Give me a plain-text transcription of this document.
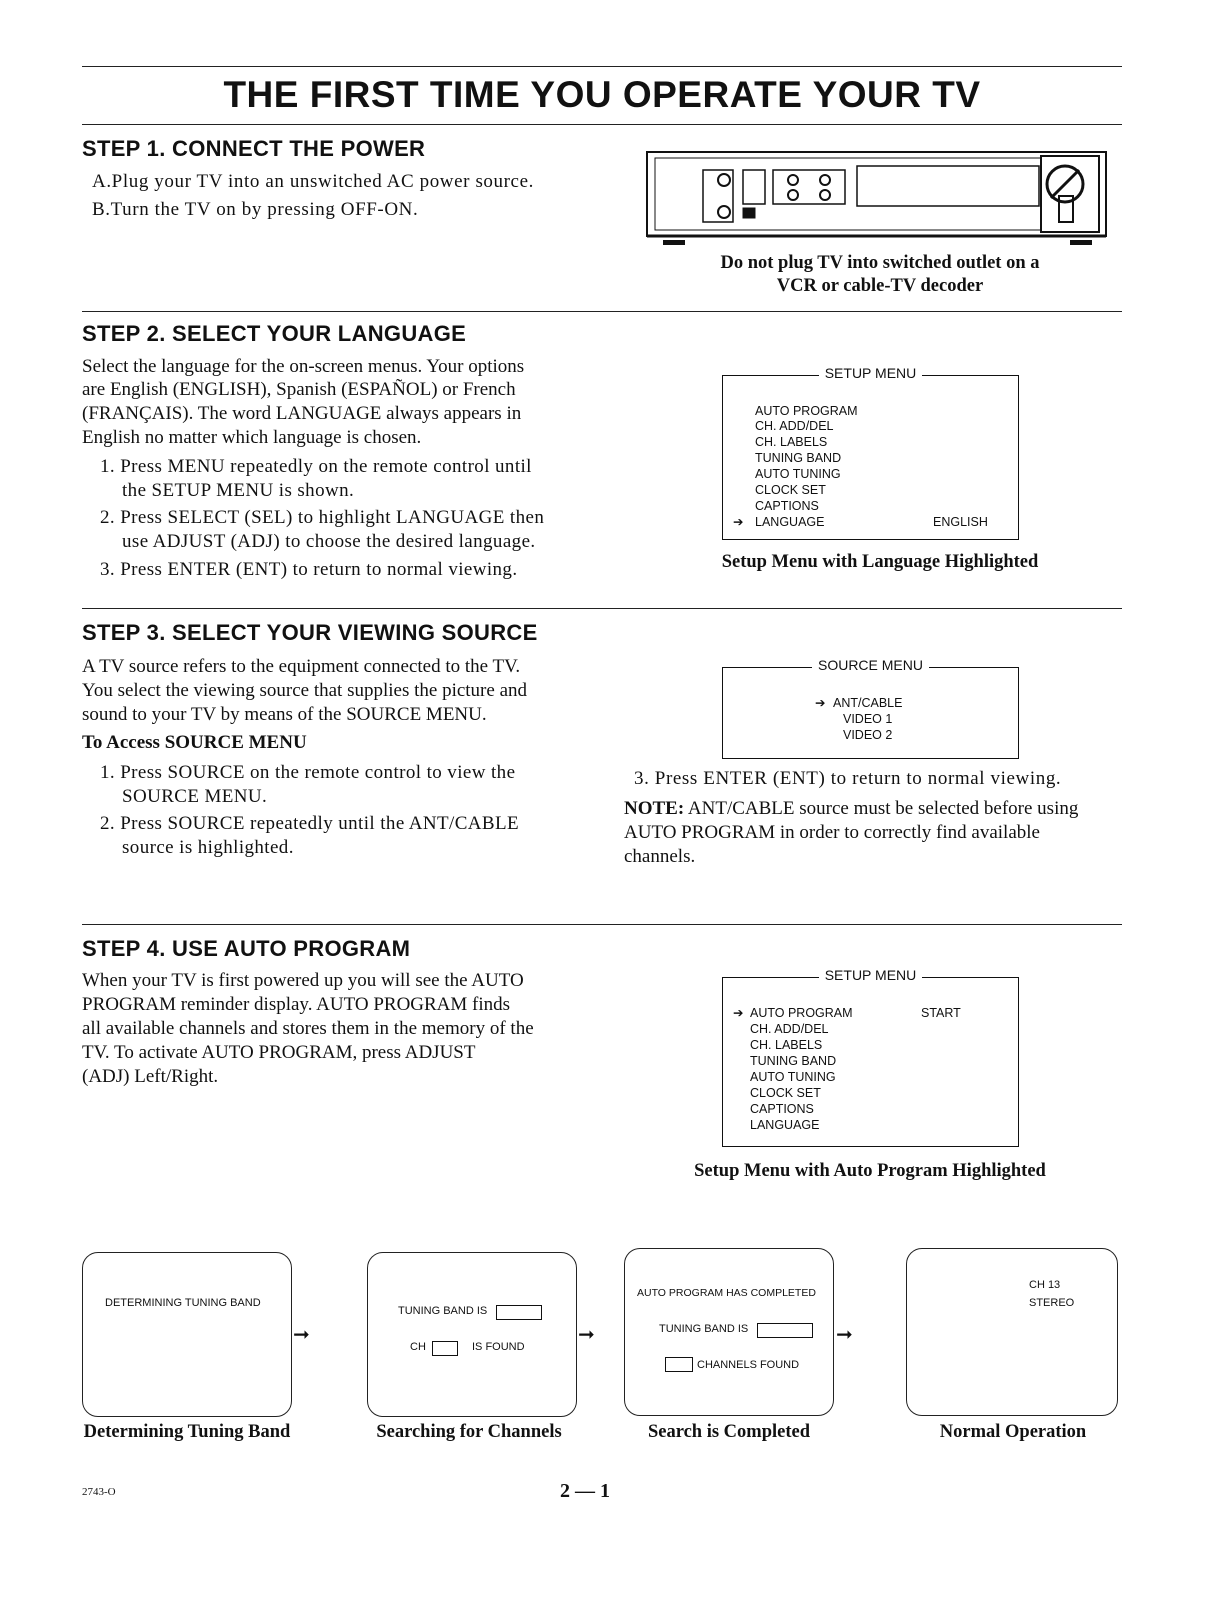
THE FIRST TIME YOU OPERATE YOUR TV
STEP 1. CONNECT THE POWER
A.Plug your TV into an unswitched AC power source.
B.Turn the TV on by pressing OFF-ON.
Do not plug TV into switched outlet on a
VCR or cable-TV decoder
STEP 2. SELECT YOUR LANGUAGE
Select the language for the on-screen menus. Your options
are English (ENGLISH), Spanish (ESPAÑOL) or French
(FRANÇAIS). The word LANGUAGE always appears in
English no matter which language is chosen.
1. Press MENU repeatedly on the remote control until
the SETUP MENU is shown.
2. Press SELECT (SEL) to highlight LANGUAGE then
use ADJUST (ADJ) to choose the desired language.
3. Press ENTER (ENT) to return to normal viewing.
SETUP MENU
AUTO PROGRAM
CH. ADD/DEL
CH. LABELS
TUNING BAND
AUTO TUNING
CLOCK SET
CAPTIONS
➔ LANGUAGE	ENGLISH
Setup Menu with Language Highlighted
STEP 3. SELECT YOUR VIEWING SOURCE
A TV source refers to the equipment connected to the TV.
You select the viewing source that supplies the picture and
sound to your TV by means of the SOURCE MENU.
To Access SOURCE MENU
1. Press SOURCE on the remote control to view the
SOURCE MENU.
2. Press SOURCE repeatedly until the ANT/CABLE
source is highlighted.
SOURCE MENU
➔ ANT/CABLE
VIDEO 1
VIDEO 2
3. Press ENTER (ENT) to return to normal viewing.
NOTE: ANT/CABLE source must be selected before using
AUTO PROGRAM in order to correctly find available
channels.
STEP 4. USE AUTO PROGRAM
When your TV is first powered up you will see the AUTO
PROGRAM reminder display. AUTO PROGRAM finds
all available channels and stores them in the memory of the
TV. To activate AUTO PROGRAM, press ADJUST
(ADJ) Left/Right.
SETUP MENU
➔ AUTO PROGRAM	START
CH. ADD/DEL
CH. LABELS
TUNING BAND
AUTO TUNING
CLOCK SET
CAPTIONS
LANGUAGE
Setup Menu with Auto Program Highlighted
DETERMINING TUNING BAND
➞
TUNING BAND IS
CH	IS FOUND
➞
AUTO PROGRAM HAS COMPLETED
TUNING BAND IS
CHANNELS FOUND
➞
CH 13
STEREO
Determining Tuning Band	Searching for Channels	Search is Completed	Normal Operation
2743-O	2 — 1
